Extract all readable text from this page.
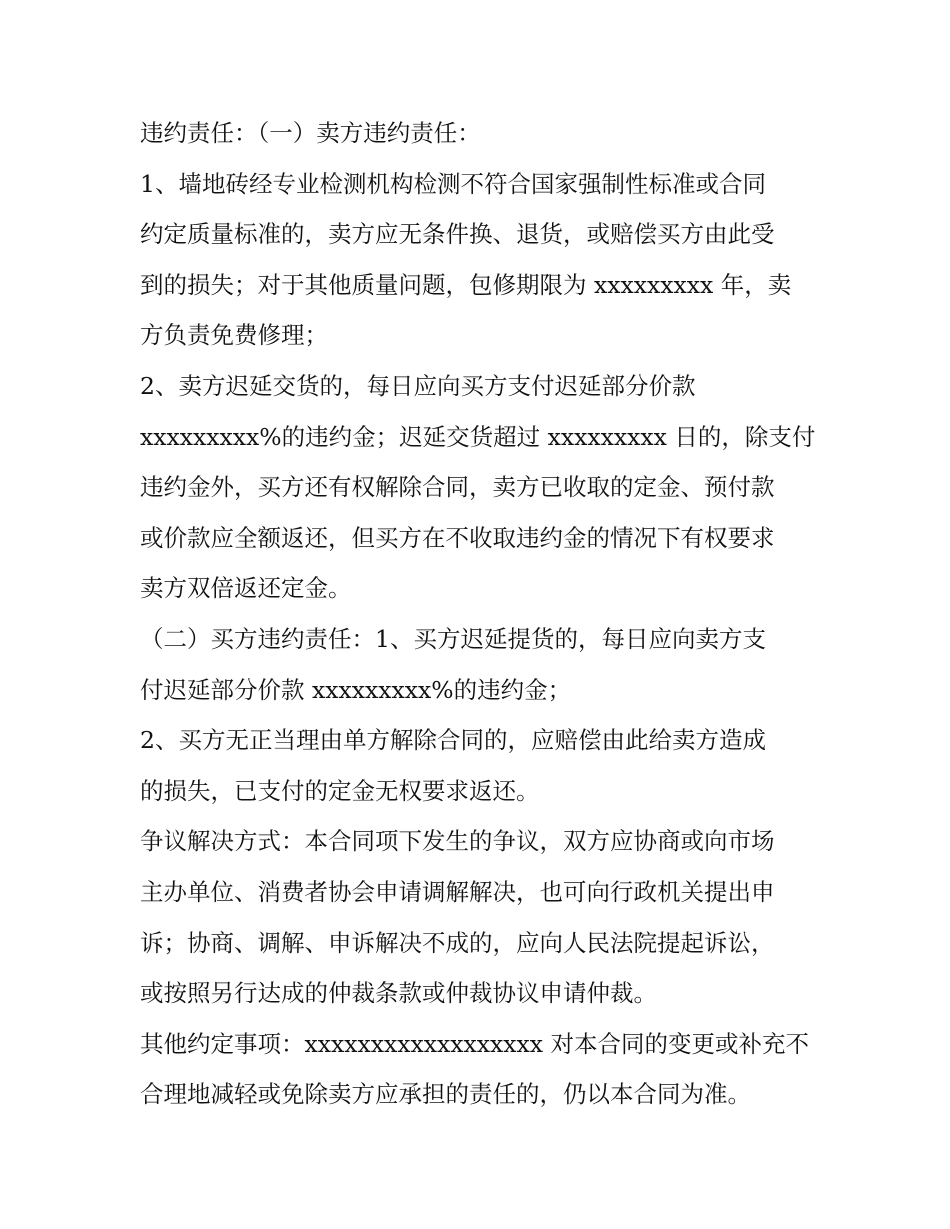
违约责任：（一）卖方违约责任：
1、墙地砖经专业检测机构检测不符合国家强制性标准或合同
约定质量标准的，卖方应无条件换、退货，或赔偿买方由此受
到的损失；对于其他质量问题，包修期限为 xxxxxxxxx 年，卖
方负责免费修理；
2、卖方迟延交货的，每日应向买方支付迟延部分价款
xxxxxxxxx%的违约金；迟延交货超过 xxxxxxxxx 日的，除支付
违约金外，买方还有权解除合同，卖方已收取的定金、预付款
或价款应全额返还，但买方在不收取违约金的情况下有权要求
卖方双倍返还定金。
（二）买方违约责任：1、买方迟延提货的，每日应向卖方支
付迟延部分价款 xxxxxxxxx%的违约金；
2、买方无正当理由单方解除合同的，应赔偿由此给卖方造成
的损失，已支付的定金无权要求返还。
争议解决方式：本合同项下发生的争议，双方应协商或向市场
主办单位、消费者协会申请调解解决，也可向行政机关提出申
诉；协商、调解、申诉解决不成的，应向人民法院提起诉讼，
或按照另行达成的仲裁条款或仲裁协议申请仲裁。
其他约定事项：xxxxxxxxxxxxxxxxxx 对本合同的变更或补充不
合理地减轻或免除卖方应承担的责任的，仍以本合同为准。
